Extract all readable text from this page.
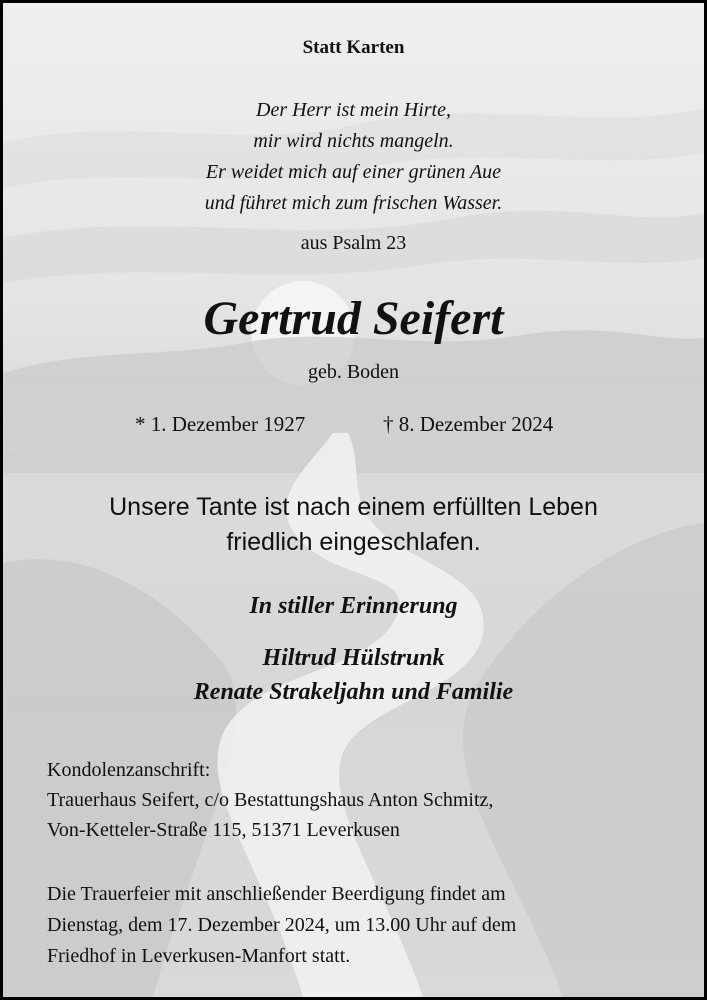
Statt Karten
Der Herr ist mein Hirte,
mir wird nichts mangeln.
Er weidet mich auf einer grünen Aue
und führet mich zum frischen Wasser.
aus Psalm 23
Gertrud Seifert
geb. Boden
* 1. Dezember 1927	† 8. Dezember 2024
Unsere Tante ist nach einem erfüllten Leben
friedlich eingeschlafen.
In stiller Erinnerung
Hiltrud Hülstrunk
Renate Strakeljahn und Familie
Kondolenzanschrift:
Trauerhaus Seifert, c/o Bestattungshaus Anton Schmitz,
Von-Ketteler-Straße 115, 51371 Leverkusen
Die Trauerfeier mit anschließender Beerdigung findet am
Dienstag, dem 17. Dezember 2024, um 13.00 Uhr auf dem
Friedhof in Leverkusen-Manfort statt.
